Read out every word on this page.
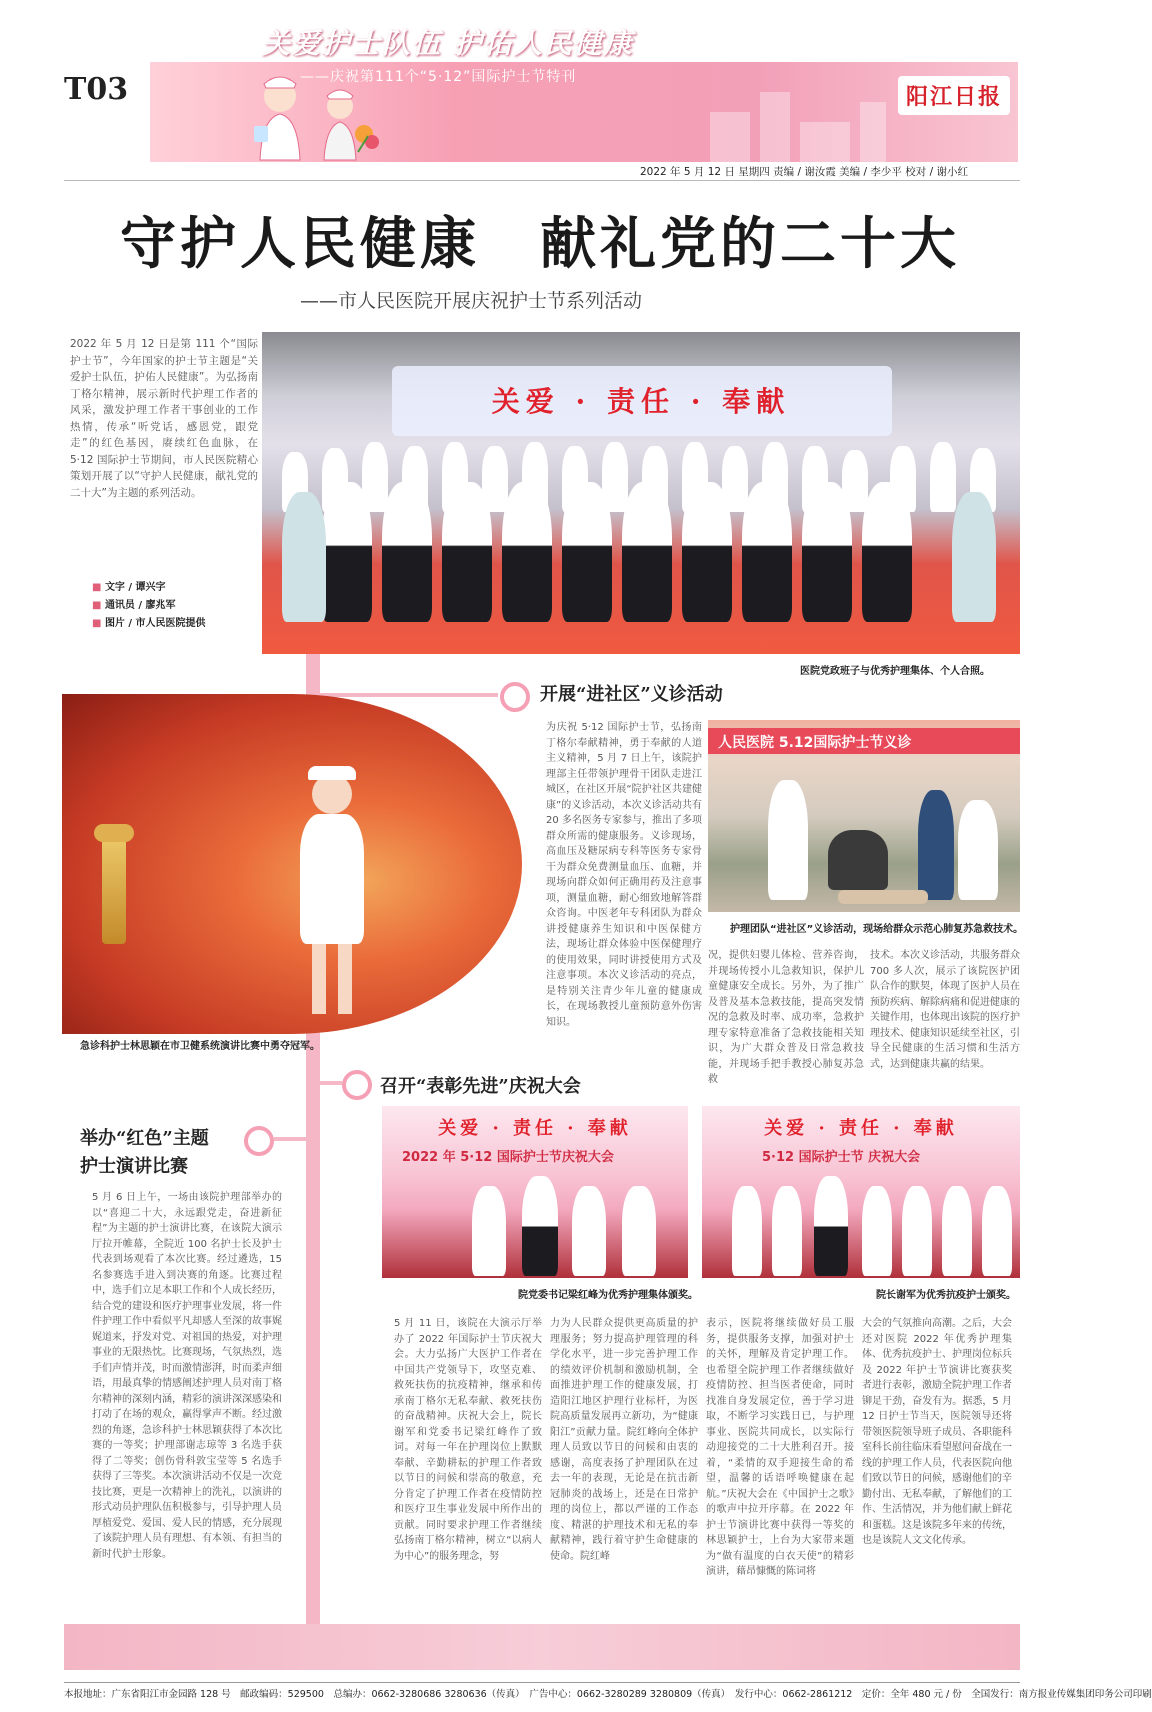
T03
关爱护士队伍 护佑人民健康
——庆祝第111个“5·12”国际护士节特刊
阳江日报
2022 年 5 月 12 日 星期四 责编 / 谢汝霞 美编 / 李少平 校对 / 谢小红
守护人民健康　献礼党的二十大
——市人民医院开展庆祝护士节系列活动
2022 年 5 月 12 日是第 111 个“国际护士节”，今年国家的护士节主题是“关爱护士队伍，护佑人民健康”。为弘扬南丁格尔精神，展示新时代护理工作者的风采，激发护理工作者干事创业的工作热情，传承“听党话，感恩党，跟党走”的红色基因，赓续红色血脉，在 5·12 国际护士节期间，市人民医院精心策划开展了以“守护人民健康，献礼党的二十大”为主题的系列活动。
■ 文字 / 谭兴字
■ 通讯员 / 廖兆军
■ 图片 / 市人民医院提供
关爱 · 责任 · 奉献
医院党政班子与优秀护理集体、个人合照。
开展“进社区”义诊活动
为庆祝 5·12 国际护士节，弘扬南丁格尔奉献精神，勇于奉献的人道主义精神，5 月 7 日上午，该院护理部主任带领护理骨干团队走进江城区，在社区开展“院护社区共建健康”的义诊活动，本次义诊活动共有 20 多名医务专家参与，推出了多项群众所需的健康服务。义诊现场，高血压及糖尿病专科等医务专家骨干为群众免费测量血压、血糖，并现场向群众如何正确用药及注意事项，测量血糖，耐心细致地解答群众咨询。中医老年专科团队为群众讲授健康养生知识和中医保健方法，现场让群众体验中医保健理疗的使用效果，同时讲授使用方式及注意事项。本次义诊活动的亮点，是特别关注青少年儿童的健康成长，在现场教授儿童预防意外伤害知识。
况，提供妇婴儿体检、营养咨询，并现场传授小儿急救知识，保护儿童健康安全成长。另外，为了推广及普及基本急救技能，提高突发情况的急救及时率、成功率，急救护理专家特意准备了急救技能相关知识，为广大群众普及日常急救技能，并现场手把手教授心肺复苏急救
技术。本次义诊活动，共服务群众 700 多人次，展示了该院医护团队合作的默契，体现了医护人员在预防疾病、解除病痛和促进健康的关键作用，也体现出该院的医疗护理技术、健康知识延续至社区，引导全民健康的生活习惯和生活方式，达到健康共赢的结果。
人民医院 5.12国际护士节义诊
护理团队“进社区”义诊活动，现场给群众示范心肺复苏急救技术。
急诊科护士林思颖在市卫健系统演讲比赛中勇夺冠军。
举办“红色”主题
护士演讲比赛
5 月 6 日上午，一场由该院护理部举办的以“喜迎二十大，永远跟党走，奋进新征程”为主题的护士演讲比赛，在该院大演示厅拉开帷幕，全院近 100 名护士长及护士代表到场观看了本次比赛。经过遴选，15 名参赛选手进入到决赛的角逐。比赛过程中，选手们立足本职工作和个人成长经历，结合党的建设和医疗护理事业发展，将一件件护理工作中看似平凡却感人至深的故事娓娓道来，抒发对党、对祖国的热爱，对护理事业的无限热忱。比赛现场，气氛热烈，选手们声情并茂，时而激情澎湃，时而柔声细语，用最真挚的情感阐述护理人员对南丁格尔精神的深刻内涵，精彩的演讲深深感染和打动了在场的观众，赢得掌声不断。经过激烈的角逐，急诊科护士林思颖获得了本次比赛的一等奖；护理部谢志琼等 3 名选手获得了二等奖；创伤骨科敦宝莹等 5 名选手获得了三等奖。本次演讲活动不仅是一次竞技比赛，更是一次精神上的洗礼，以演讲的形式动员护理队伍积极参与，引导护理人员厚植爱党、爱国、爱人民的情感，充分展现了该院护理人员有理想、有本领、有担当的新时代护士形象。
召开“表彰先进”庆祝大会
关爱 · 责任 · 奉献
2022 年 5·12 国际护士节庆祝大会
院党委书记梁红峰为优秀护理集体颁奖。
关爱 · 责任 · 奉献
5·12 国际护士节 庆祝大会
院长谢军为优秀抗疫护士颁奖。
5 月 11 日，该院在大演示厅举办了 2022 年国际护士节庆祝大会。大力弘扬广大医护工作者在中国共产党领导下，攻坚克难、救死扶伤的抗疫精神，继承和传承南丁格尔无私奉献、救死扶伤的奋战精神。庆祝大会上，院长谢军和党委书记梁红峰作了致词。对每一年在护理岗位上默默奉献、辛勤耕耘的护理工作者致以节日的问候和崇高的敬意，充分肯定了护理工作者在疫情防控和医疗卫生事业发展中所作出的贡献。同时要求护理工作者继续弘扬南丁格尔精神，树立“以病人为中心”的服务理念，努
力为人民群众提供更高质量的护理服务；努力提高护理管理的科学化水平，进一步完善护理工作的绩效评价机制和激励机制，全面推进护理工作的健康发展，打造阳江地区护理行业标杆，为医院高质量发展再立新功，为“健康阳江”贡献力量。院红峰向全体护理人员致以节日的问候和由衷的感谢，高度表扬了护理团队在过去一年的表现，无论是在抗击新冠肺炎的战场上，还是在日常护理的岗位上，都以严谨的工作态度、精湛的护理技术和无私的奉献精神，践行着守护生命健康的使命。院红峰
表示，医院将继续做好员工服务，提供服务支撑，加强对护士的关怀，理解及肯定护理工作。也希望全院护理工作者继续做好疫情防控、担当医者使命，同时找准自身发展定位，善于学习进取，不断学习实践日已，与护理事业、医院共同成长，以实际行动迎接党的二十大胜利召开。接着，“柔情的双手迎接生命的希望，温馨的话语呼唤健康在起航。”庆祝大会在《中国护士之歌》的歌声中拉开序幕。在 2022 年护士节演讲比赛中获得一等奖的林思颖护士，上台为大家带来题为“做有温度的白衣天使”的精彩演讲，藉昂慷慨的陈词将
大会的气氛推向高潮。之后，大会还对医院 2022 年优秀护理集体、优秀抗疫护士、护理岗位标兵及 2022 年护士节演讲比赛获奖者进行表彰，激励全院护理工作者铆足干劲，奋发有为。据悉，5 月 12 日护士节当天，医院领导还将带领医院领导班子成员、各职能科室科长前往临床看望慰问奋战在一线的护理工作人员，代表医院向他们致以节日的问候，感谢他们的辛勤付出、无私奉献，了解他们的工作、生活情况，并为他们献上鲜花和蛋糕。这是该院多年来的传统，也是该院人文文化传承。
本报地址：广东省阳江市金园路 128 号　邮政编码：529500　总编办：0662-3280686 3280636（传真）　广告中心：0662-3280289 3280809（传真）　发行中心：0662-2861212　定价：全年 480 元 / 份　全国发行：南方报业传媒集团印务公司印刷
